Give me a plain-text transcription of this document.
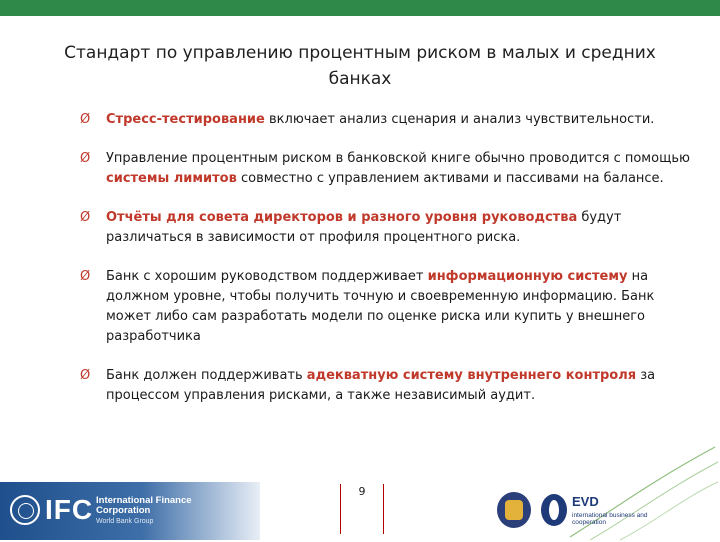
Стандарт по управлению процентным риском в малых и средних банках
Ø	Стресс-тестирование включает анализ сценария и анализ чувствительности.
Ø	Управление процентным риском в банковской книге обычно проводится с помощью системы лимитов совместно с управлением активами и пассивами на балансе.
Ø	Отчёты для совета директоров и разного уровня руководства будут различаться в зависимости от профиля процентного риска.
Ø	Банк с хорошим руководством поддерживает информационную систему на должном уровне, чтобы получить точную и своевременную информацию. Банк может либо сам разработать модели по оценке риска или купить у внешнего разработчика
Ø	Банк должен поддерживать адекватную систему внутреннего контроля за процессом управления рисками, а также независимый аудит.
IFC International Finance Corporation
World Bank Group
9
EVD
international business and cooperation
